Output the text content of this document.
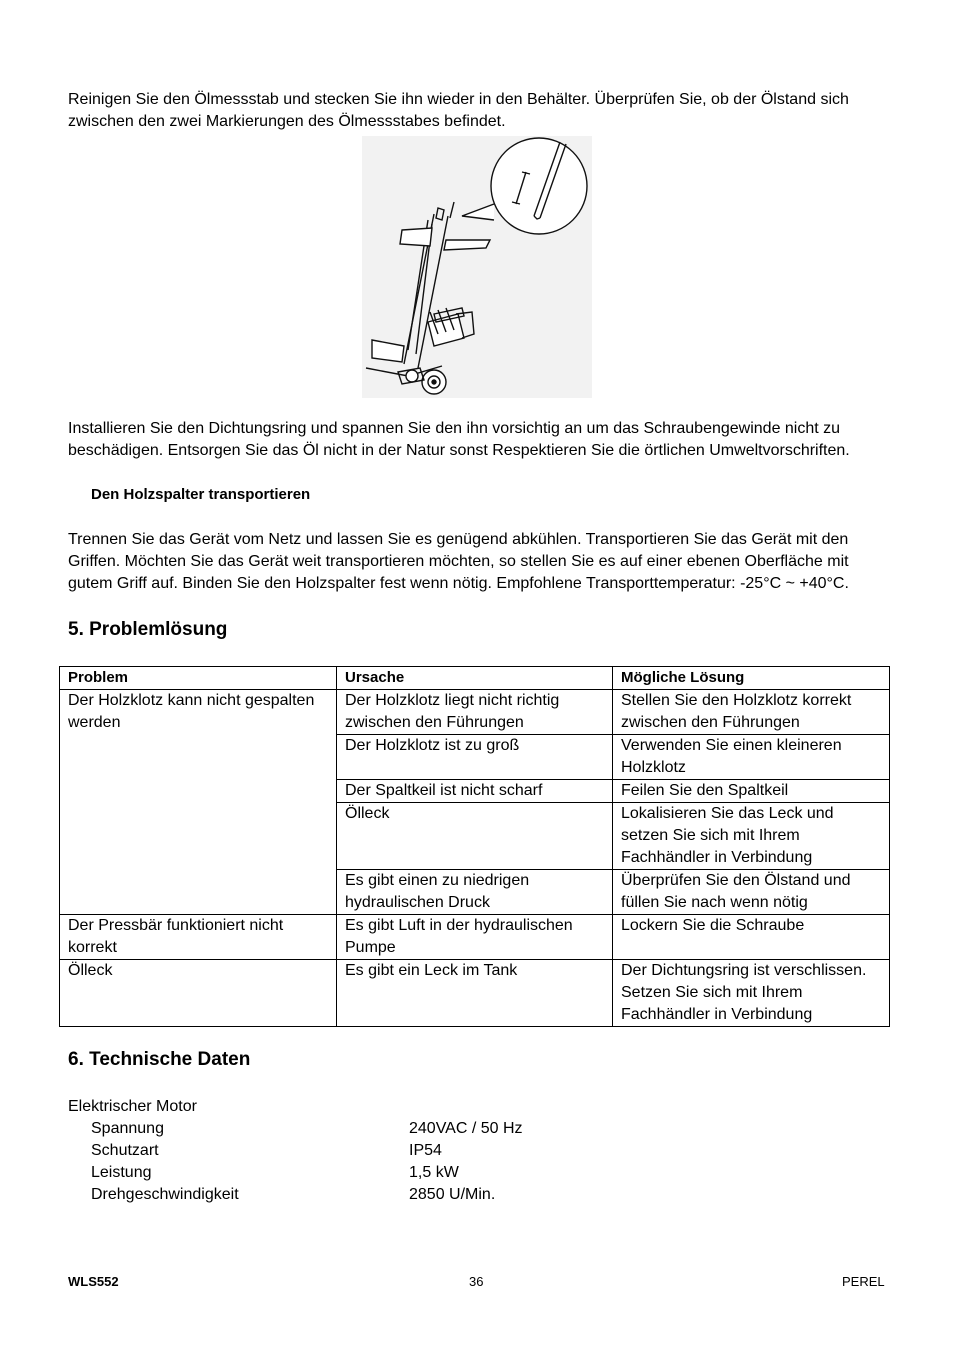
Reinigen Sie den Ölmessstab und stecken Sie ihn wieder in den Behälter. Überprüfen Sie, ob der Ölstand sich zwischen den zwei Markierungen des Ölmessstabes befindet.

Installieren Sie den Dichtungsring und spannen Sie den ihn vorsichtig an um das Schraubengewinde nicht zu beschädigen. Entsorgen Sie das Öl nicht in der Natur sonst Respektieren Sie die örtlichen Umweltvorschriften.

Den Holzspalter transportieren

Trennen Sie das Gerät vom Netz und lassen Sie es genügend abkühlen. Transportieren Sie das Gerät mit den Griffen. Möchten Sie das Gerät weit transportieren möchten, so stellen Sie es auf einer ebenen Oberfläche mit gutem Griff auf. Binden Sie den Holzspalter fest wenn nötig. Empfohlene Transporttemperatur: -25°C ~ +40°C.

5. Problemlösung
Problem	Ursache	Mögliche Lösung
Der Holzklotz kann nicht gespalten werden	Der Holzklotz liegt nicht richtig zwischen den Führungen	Stellen Sie den Holzklotz korrekt zwischen den Führungen
	Der Holzklotz ist zu groß	Verwenden Sie einen kleineren Holzklotz
	Der Spaltkeil ist nicht scharf	Feilen Sie den Spaltkeil
	Ölleck	Lokalisieren Sie das Leck und setzen Sie sich mit Ihrem Fachhändler in Verbindung
	Es gibt einen zu niedrigen hydraulischen Druck	Überprüfen Sie den Ölstand und füllen Sie nach wenn nötig
Der Pressbär funktioniert nicht korrekt	Es gibt Luft in der hydraulischen Pumpe	Lockern Sie die Schraube
Ölleck	Es gibt ein Leck im Tank	Der Dichtungsring ist verschlissen. Setzen Sie sich mit Ihrem Fachhändler in Verbindung
6. Technische Daten
Elektrischer Motor
Spannung	240VAC / 50 Hz
Schutzart	IP54
Leistung	1,5 kW
Drehgeschwindigkeit	2850 U/Min.
WLS552	36	PEREL
